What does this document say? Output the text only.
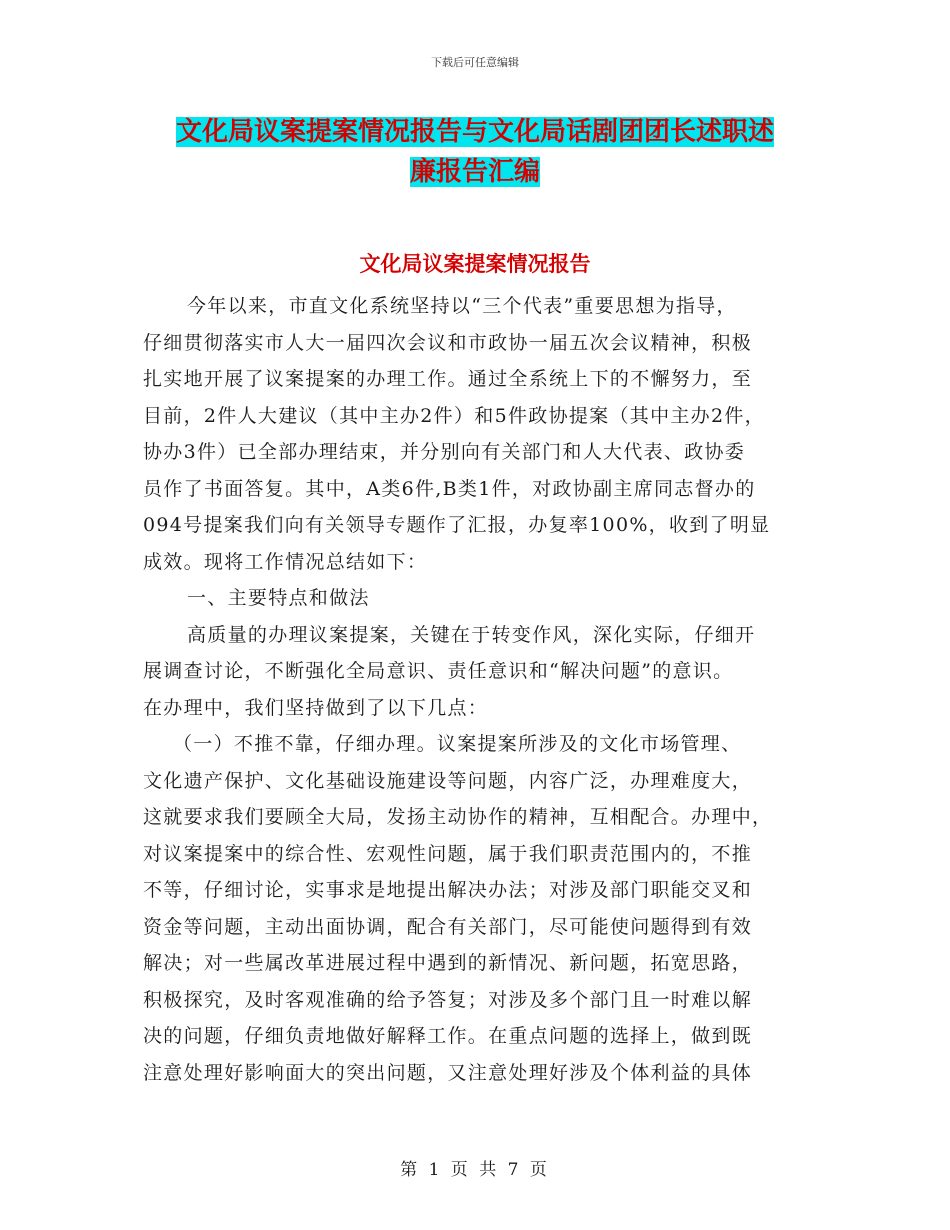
下载后可任意编辑
文化局议案提案情况报告与文化局话剧团团长述职述
廉报告汇编
文化局议案提案情况报告
今年以来，市直文化系统坚持以“三个代表”重要思想为指导，
仔细贯彻落实市人大一届四次会议和市政协一届五次会议精神，积极
扎实地开展了议案提案的办理工作。通过全系统上下的不懈努力，至
目前，2件人大建议（其中主办2件）和5件政协提案（其中主办2件，
协办3件）已全部办理结束，并分别向有关部门和人大代表、政协委
员作了书面答复。其中，A类6件,B类1件，对政协副主席同志督办的
094号提案我们向有关领导专题作了汇报，办复率100%，收到了明显
成效。现将工作情况总结如下：
一、主要特点和做法
高质量的办理议案提案，关键在于转变作风，深化实际，仔细开
展调查讨论，不断强化全局意识、责任意识和“解决问题”的意识。
在办理中，我们坚持做到了以下几点：
（一）不推不靠，仔细办理。议案提案所涉及的文化市场管理、
文化遗产保护、文化基础设施建设等问题，内容广泛，办理难度大，
这就要求我们要顾全大局，发扬主动协作的精神，互相配合。办理中，
对议案提案中的综合性、宏观性问题，属于我们职责范围内的，不推
不等，仔细讨论，实事求是地提出解决办法；对涉及部门职能交叉和
资金等问题，主动出面协调，配合有关部门，尽可能使问题得到有效
解决；对一些属改革进展过程中遇到的新情况、新问题，拓宽思路，
积极探究，及时客观准确的给予答复；对涉及多个部门且一时难以解
决的问题，仔细负责地做好解释工作。在重点问题的选择上，做到既
注意处理好影响面大的突出问题，又注意处理好涉及个体利益的具体
第 1 页 共 7 页
